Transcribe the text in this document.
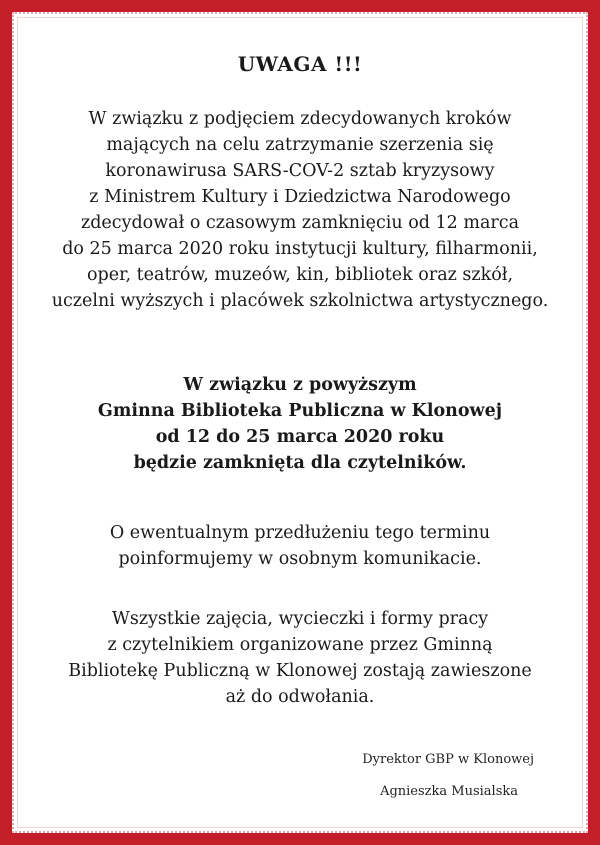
UWAGA !!!
W związku z podjęciem zdecydowanych kroków
mających na celu zatrzymanie szerzenia się
koronawirusa SARS-COV-2 sztab kryzysowy
z Ministrem Kultury i Dziedzictwa Narodowego
zdecydował o czasowym zamknięciu od 12 marca
do 25 marca 2020 roku instytucji kultury, filharmonii,
oper, teatrów, muzeów, kin, bibliotek oraz szkół,
uczelni wyższych i placówek szkolnictwa artystycznego.
W związku z powyższym
Gminna Biblioteka Publiczna w Klonowej
od 12 do 25 marca 2020 roku
będzie zamknięta dla czytelników.
O ewentualnym przedłużeniu tego terminu
poinformujemy w osobnym komunikacie.
Wszystkie zajęcia, wycieczki i formy pracy
z czytelnikiem organizowane przez Gminną
Bibliotekę Publiczną w Klonowej zostają zawieszone
aż do odwołania.
Dyrektor GBP w Klonowej
Agnieszka Musialska
